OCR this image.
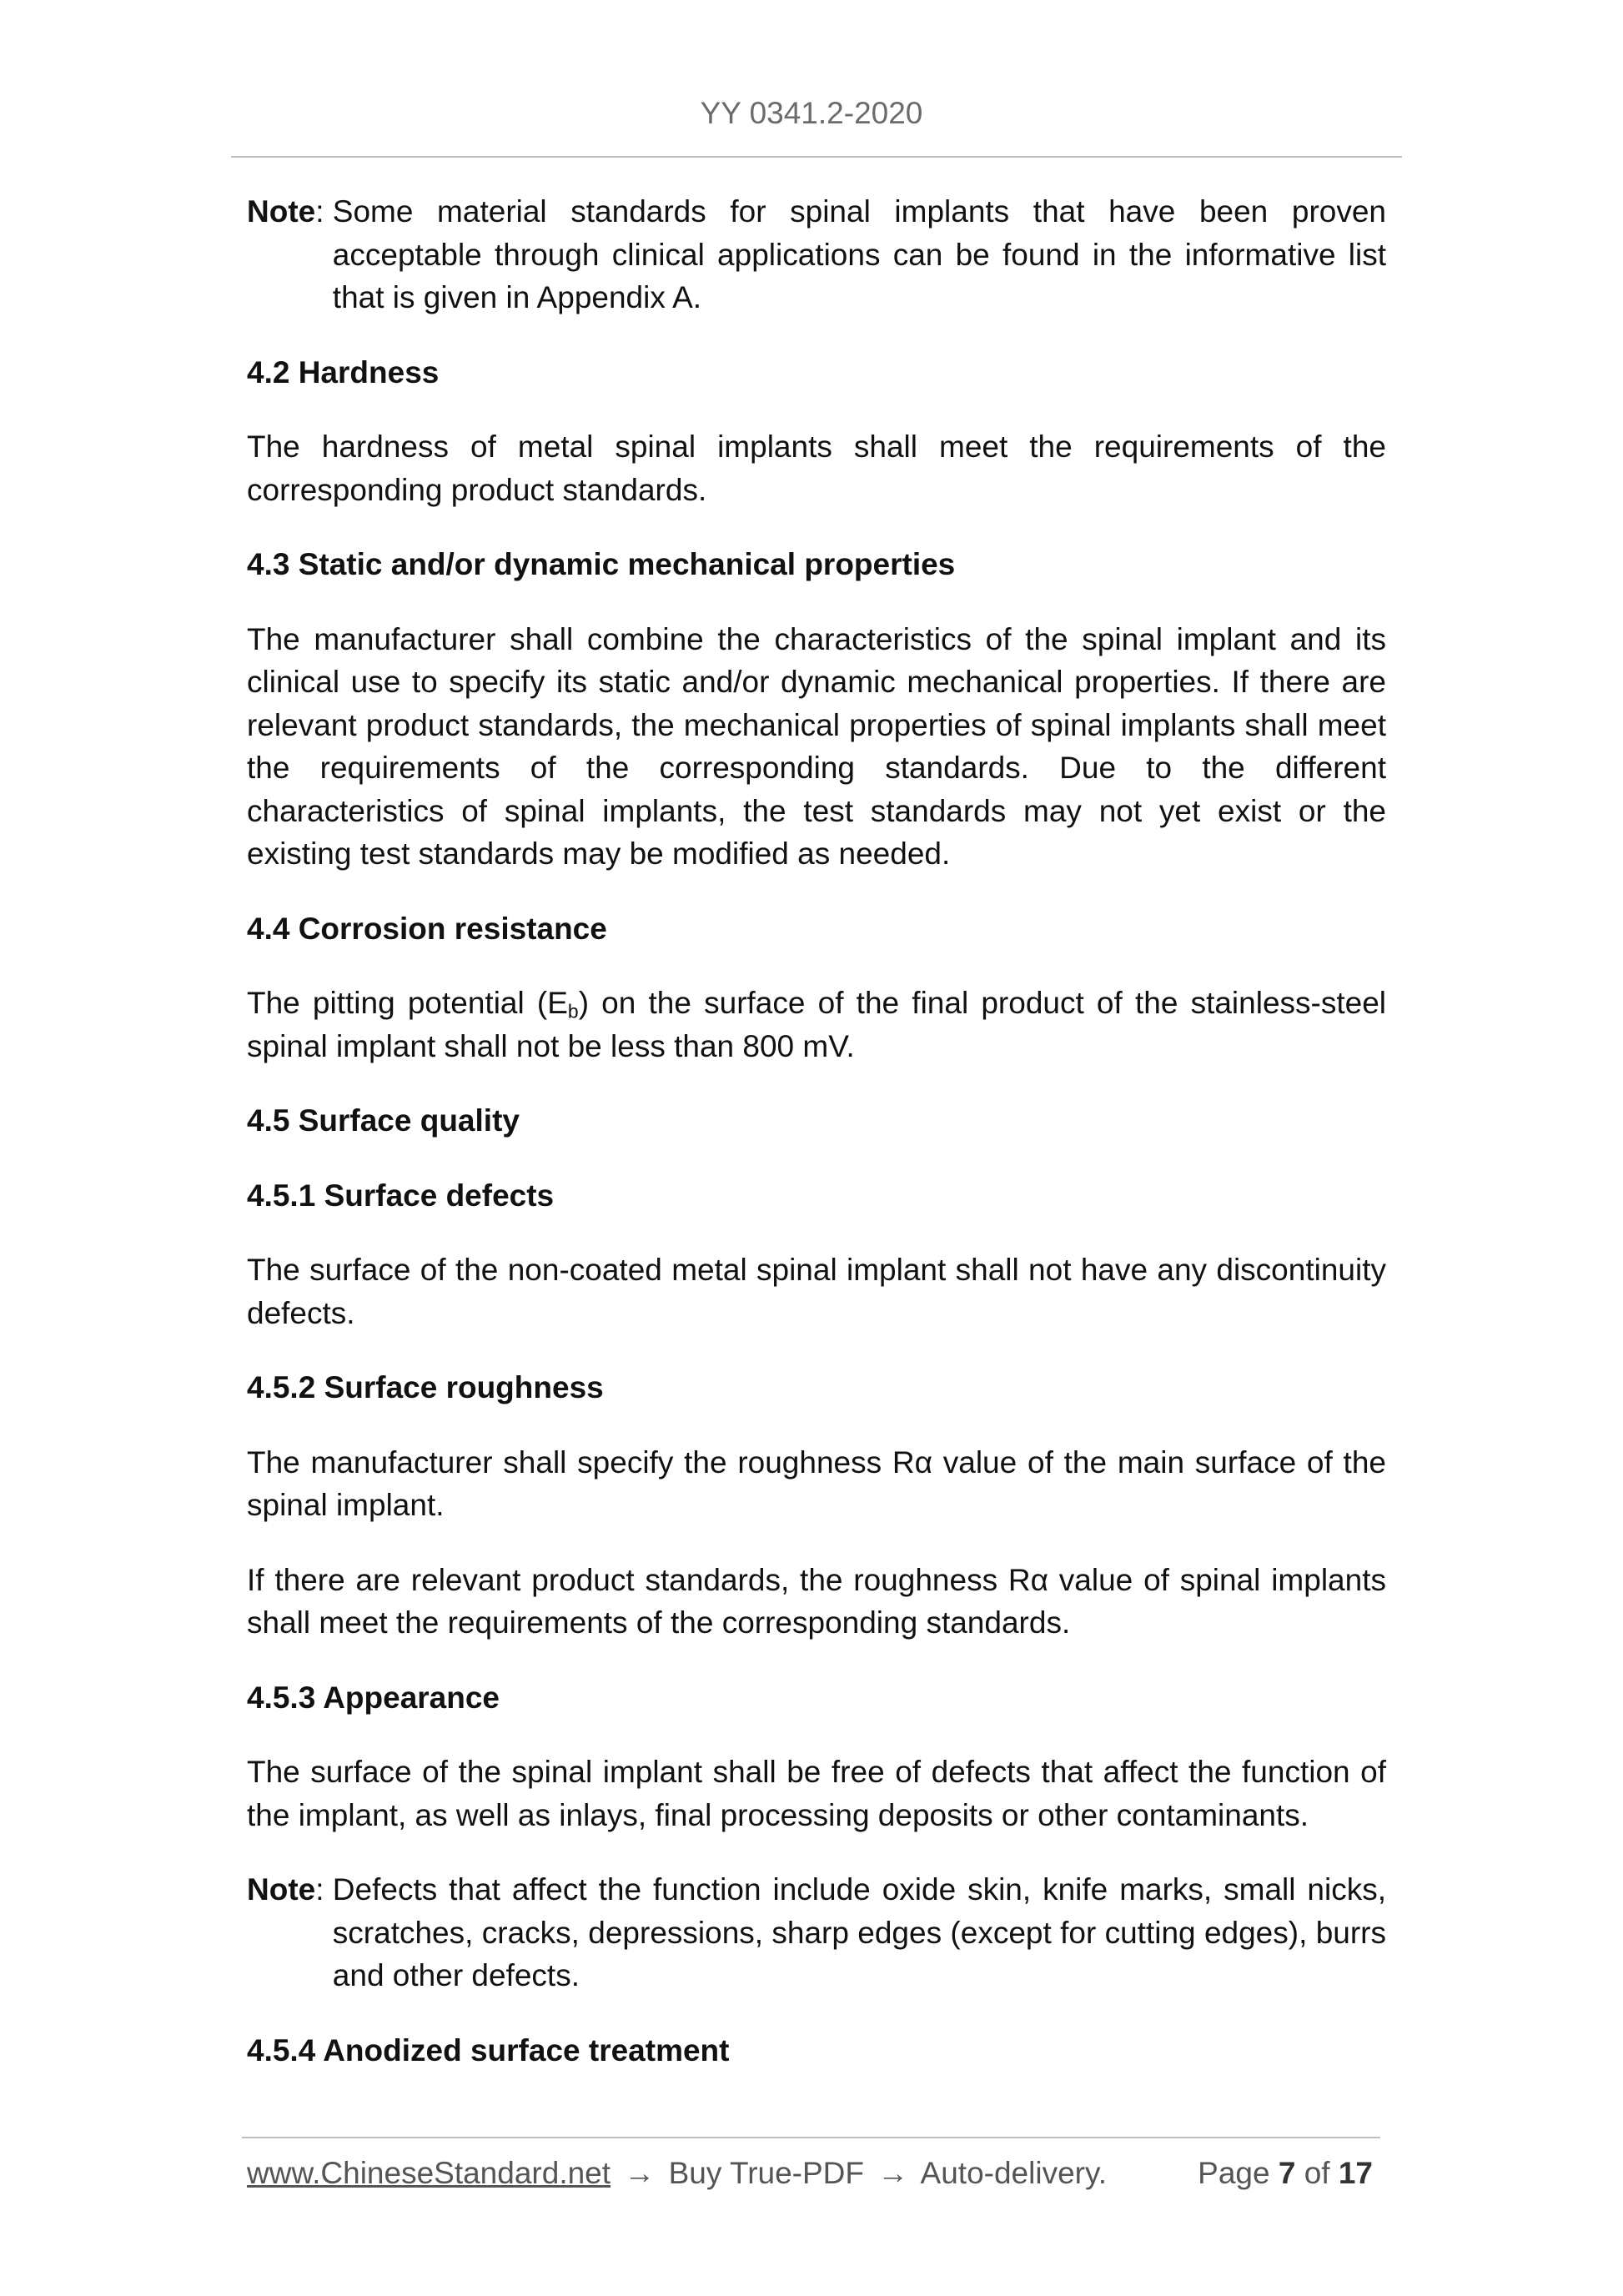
YY 0341.2-2020
Note: Some material standards for spinal implants that have been proven acceptable through clinical applications can be found in the informative list that is given in Appendix A.
4.2 Hardness
The hardness of metal spinal implants shall meet the requirements of the corresponding product standards.
4.3 Static and/or dynamic mechanical properties
The manufacturer shall combine the characteristics of the spinal implant and its clinical use to specify its static and/or dynamic mechanical properties. If there are relevant product standards, the mechanical properties of spinal implants shall meet the requirements of the corresponding standards. Due to the different characteristics of spinal implants, the test standards may not yet exist or the existing test standards may be modified as needed.
4.4 Corrosion resistance
The pitting potential $(E_b)$ on the surface of the final product of the stainless-steel spinal implant shall not be less than 800 mV.
4.5 Surface quality
4.5.1 Surface defects
The surface of the non-coated metal spinal implant shall not have any discontinuity defects.
4.5.2 Surface roughness
The manufacturer shall specify the roughness Rα value of the main surface of the spinal implant.
If there are relevant product standards, the roughness Rα value of spinal implants shall meet the requirements of the corresponding standards.
4.5.3 Appearance
The surface of the spinal implant shall be free of defects that affect the function of the implant, as well as inlays, final processing deposits or other contaminants.
Note: Defects that affect the function include oxide skin, knife marks, small nicks, scratches, cracks, depressions, sharp edges (except for cutting edges), burrs and other defects.
4.5.4 Anodized surface treatment
www.ChineseStandard.net → Buy True-PDF → Auto-delivery.	Page 7 of 17
